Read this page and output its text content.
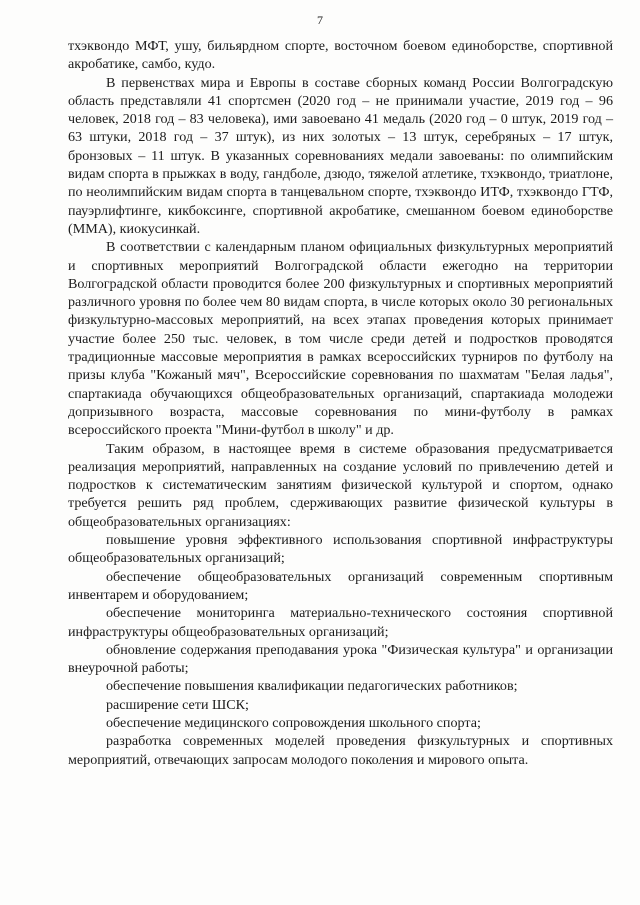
7

тхэквондо МФТ, ушу, бильярдном спорте, восточном боевом единоборстве, спортивной акробатике, самбо, кудо.

В первенствах мира и Европы в составе сборных команд России Волгоградскую область представляли 41 спортсмен (2020 год – не принимали участие, 2019 год – 96 человек, 2018 год – 83 человека), ими завоевано 41 медаль (2020 год – 0 штук, 2019 год – 63 штуки, 2018 год – 37 штук), из них золотых – 13 штук, серебряных – 17 штук, бронзовых – 11 штук. В указанных соревнованиях медали завоеваны: по олимпийским видам спорта в прыжках в воду, гандболе, дзюдо, тяжелой атлетике, тхэквондо, триатлоне, по неолимпийским видам спорта в танцевальном спорте, тхэквондо ИТФ, тхэквондо ГТФ, пауэрлифтинге, кикбоксинге, спортивной акробатике, смешанном боевом единоборстве (ММА), киокусинкай.

В соответствии с календарным планом официальных физкультурных мероприятий и спортивных мероприятий Волгоградской области ежегодно на территории Волгоградской области проводится более 200 физкультурных и спортивных мероприятий различного уровня по более чем 80 видам спорта, в числе которых около 30 региональных физкультурно-массовых мероприятий, на всех этапах проведения которых принимает участие более 250 тыс. человек, в том числе среди детей и подростков проводятся традиционные массовые мероприятия в рамках всероссийских турниров по футболу на призы клуба "Кожаный мяч", Всероссийские соревнования по шахматам "Белая ладья", спартакиада обучающихся общеобразовательных организаций, спартакиада молодежи допризывного возраста, массовые соревнования по мини-футболу в рамках всероссийского проекта "Мини-футбол в школу" и др.

Таким образом, в настоящее время в системе образования предусматривается реализация мероприятий, направленных на создание условий по привлечению детей и подростков к систематическим занятиям физической культурой и спортом, однако требуется решить ряд проблем, сдерживающих развитие физической культуры в общеобразовательных организациях:

повышение уровня эффективного использования спортивной инфраструктуры общеобразовательных организаций;

обеспечение общеобразовательных организаций современным спортивным инвентарем и оборудованием;

обеспечение мониторинга материально-технического состояния спортивной инфраструктуры общеобразовательных организаций;

обновление содержания преподавания урока "Физическая культура" и организации внеурочной работы;

обеспечение повышения квалификации педагогических работников;

расширение сети ШСК;

обеспечение медицинского сопровождения школьного спорта;

разработка современных моделей проведения физкультурных и спортивных мероприятий, отвечающих запросам молодого поколения и мирового опыта.
